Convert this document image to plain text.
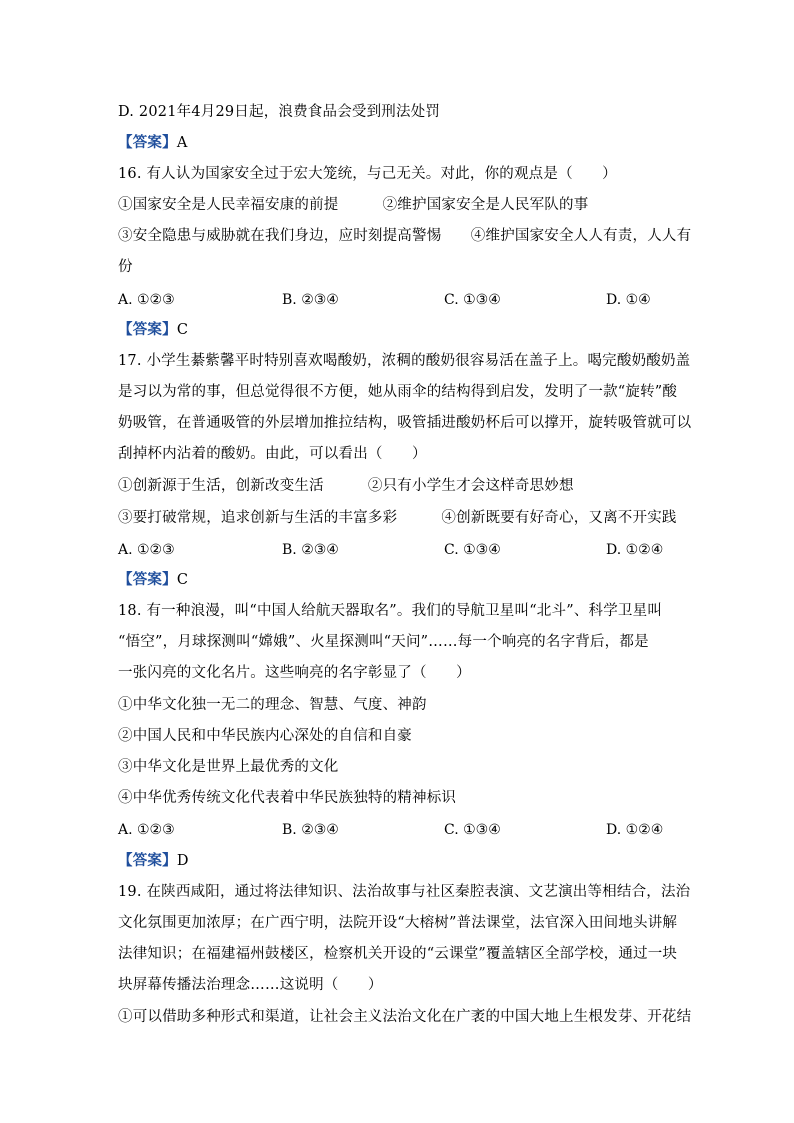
D. 2021年4月29日起，浪费食品会受到刑法处罚
【答案】A
16. 有人认为国家安全过于宏大笼统，与己无关。对此，你的观点是（　　）
①国家安全是人民幸福安康的前提　　　②维护国家安全是人民军队的事
③安全隐患与威胁就在我们身边，应时刻提高警惕　　④维护国家安全人人有责，人人有
份
A. ①②③	B. ②③④	C. ①③④	D. ①④
【答案】C
17. 小学生綦紫馨平时特别喜欢喝酸奶，浓稠的酸奶很容易活在盖子上。喝完酸奶酸奶盖
是习以为常的事，但总觉得很不方便，她从雨伞的结构得到启发，发明了一款“旋转”酸
奶吸管，在普通吸管的外层增加推拉结构，吸管插进酸奶杯后可以撑开，旋转吸管就可以
刮掉杯内沾着的酸奶。由此，可以看出（　　）
①创新源于生活，创新改变生活　　　②只有小学生才会这样奇思妙想
③要打破常规，追求创新与生活的丰富多彩　　　④创新既要有好奇心，又离不开实践
A. ①②③	B. ②③④	C. ①③④	D. ①②④
【答案】C
18. 有一种浪漫，叫“中国人给航天器取名”。我们的导航卫星叫“北斗”、科学卫星叫
“悟空”，月球探测叫“嫦娥”、火星探测叫“天问”……每一个响亮的名字背后，都是
一张闪亮的文化名片。这些响亮的名字彰显了（　　）
①中华文化独一无二的理念、智慧、气度、神韵
②中国人民和中华民族内心深处的自信和自豪
③中华文化是世界上最优秀的文化
④中华优秀传统文化代表着中华民族独特的精神标识
A. ①②③	B. ②③④	C. ①③④	D. ①②④
【答案】D
19. 在陕西咸阳，通过将法律知识、法治故事与社区秦腔表演、文艺演出等相结合，法治
文化氛围更加浓厚；在广西宁明，法院开设“大榕树”普法课堂，法官深入田间地头讲解
法律知识；在福建福州鼓楼区，检察机关开设的“云课堂”覆盖辖区全部学校，通过一块
块屏幕传播法治理念……这说明（　　）
①可以借助多种形式和渠道，让社会主义法治文化在广袤的中国大地上生根发芽、开花结
